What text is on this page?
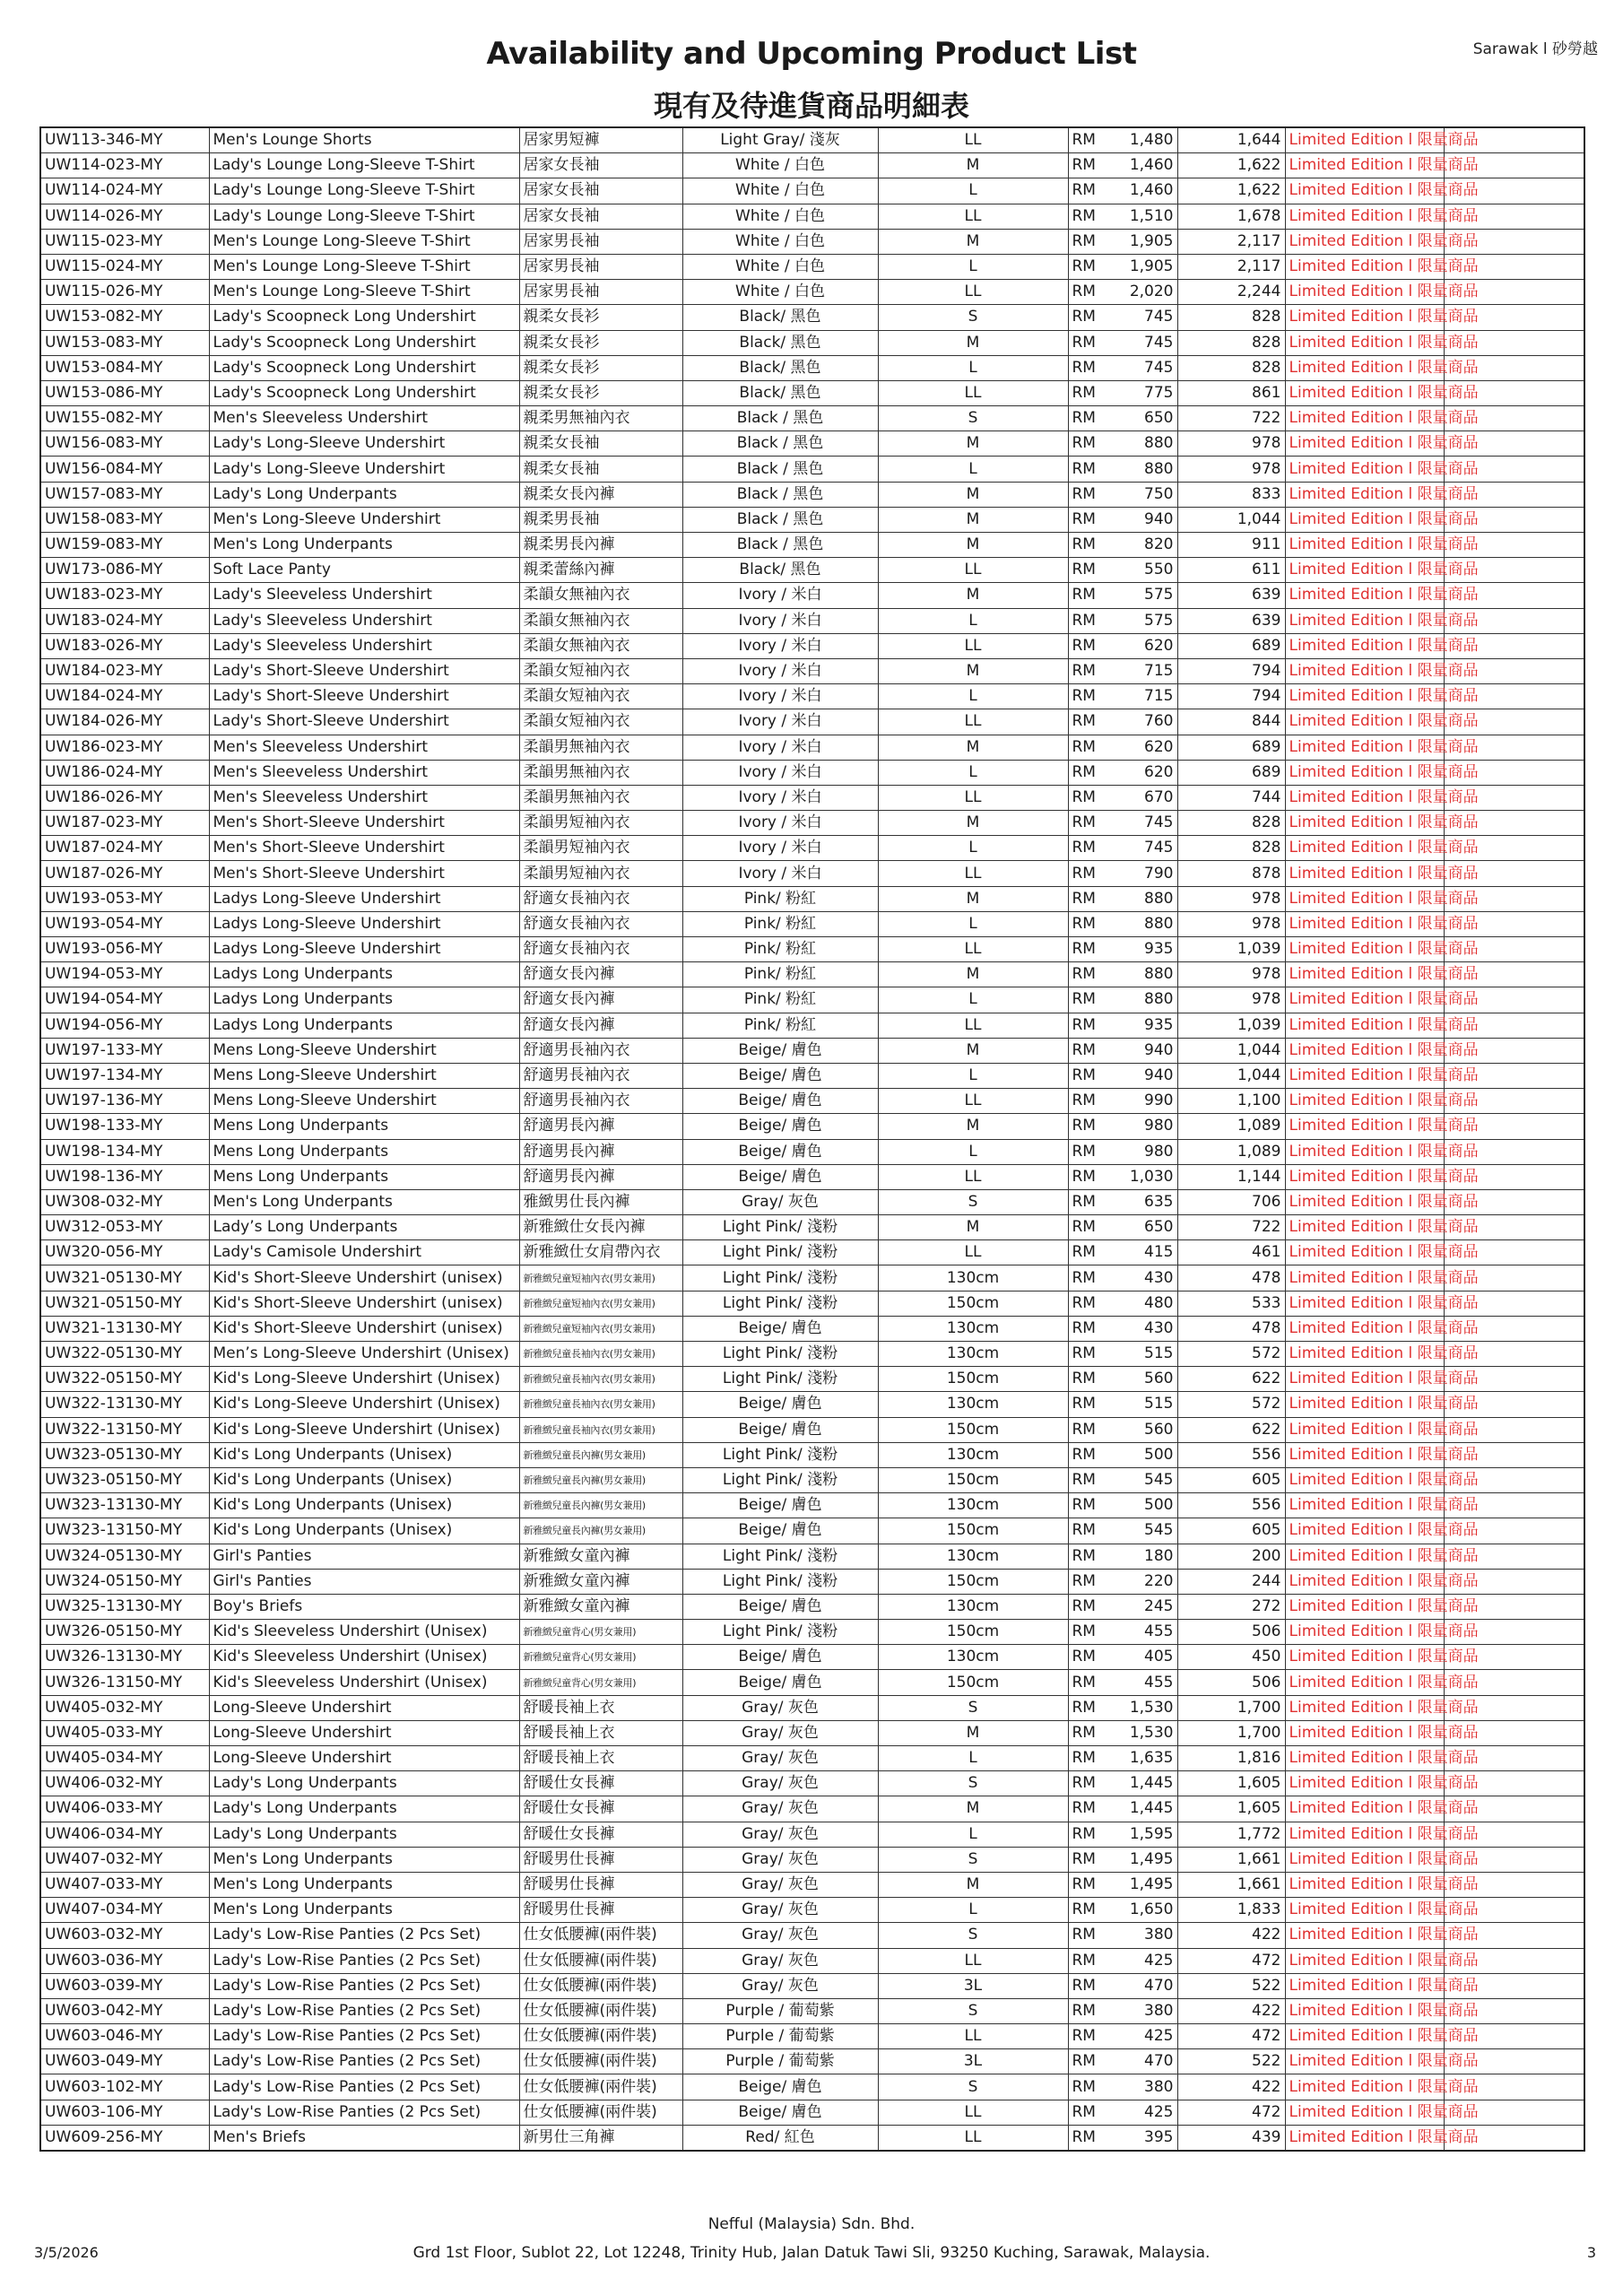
Sarawak l 砂勞越
Availability and Upcoming Product List
現有及待進貨商品明細表
UW113-346-MY	Men's Lounge Shorts	居家男短褲	Light Gray/ 淺灰	LL	RM 1,480	1,644	Limited Edition l 限量商品	
UW114-023-MY	Lady's Lounge Long-Sleeve T-Shirt	居家女長袖	White / 白色	M	RM 1,460	1,622	Limited Edition l 限量商品	
UW114-024-MY	Lady's Lounge Long-Sleeve T-Shirt	居家女長袖	White / 白色	L	RM 1,460	1,622	Limited Edition l 限量商品	
UW114-026-MY	Lady's Lounge Long-Sleeve T-Shirt	居家女長袖	White / 白色	LL	RM 1,510	1,678	Limited Edition l 限量商品	
UW115-023-MY	Men's Lounge Long-Sleeve T-Shirt	居家男長袖	White / 白色	M	RM 1,905	2,117	Limited Edition l 限量商品	
UW115-024-MY	Men's Lounge Long-Sleeve T-Shirt	居家男長袖	White / 白色	L	RM 1,905	2,117	Limited Edition l 限量商品	
UW115-026-MY	Men's Lounge Long-Sleeve T-Shirt	居家男長袖	White / 白色	LL	RM 2,020	2,244	Limited Edition l 限量商品	
UW153-082-MY	Lady's Scoopneck Long Undershirt	親柔女長衫	Black/ 黑色	S	RM 745	828	Limited Edition l 限量商品	
UW153-083-MY	Lady's Scoopneck Long Undershirt	親柔女長衫	Black/ 黑色	M	RM 745	828	Limited Edition l 限量商品	
UW153-084-MY	Lady's Scoopneck Long Undershirt	親柔女長衫	Black/ 黑色	L	RM 745	828	Limited Edition l 限量商品	
UW153-086-MY	Lady's Scoopneck Long Undershirt	親柔女長衫	Black/ 黑色	LL	RM 775	861	Limited Edition l 限量商品	
UW155-082-MY	Men's Sleeveless Undershirt	親柔男無袖內衣	Black / 黑色	S	RM 650	722	Limited Edition l 限量商品	
UW156-083-MY	Lady's Long-Sleeve Undershirt	親柔女長袖	Black / 黑色	M	RM 880	978	Limited Edition l 限量商品	
UW156-084-MY	Lady's Long-Sleeve Undershirt	親柔女長袖	Black / 黑色	L	RM 880	978	Limited Edition l 限量商品	
UW157-083-MY	Lady's Long Underpants	親柔女長內褲	Black / 黑色	M	RM 750	833	Limited Edition l 限量商品	
UW158-083-MY	Men's Long-Sleeve Undershirt	親柔男長袖	Black / 黑色	M	RM 940	1,044	Limited Edition l 限量商品	
UW159-083-MY	Men's Long Underpants	親柔男長內褲	Black / 黑色	M	RM 820	911	Limited Edition l 限量商品	
UW173-086-MY	Soft Lace Panty	親柔蕾絲內褲	Black/ 黑色	LL	RM 550	611	Limited Edition l 限量商品	
UW183-023-MY	Lady's Sleeveless Undershirt	柔韻女無袖內衣	Ivory / 米白	M	RM 575	639	Limited Edition l 限量商品	
UW183-024-MY	Lady's Sleeveless Undershirt	柔韻女無袖內衣	Ivory / 米白	L	RM 575	639	Limited Edition l 限量商品	
UW183-026-MY	Lady's Sleeveless Undershirt	柔韻女無袖內衣	Ivory / 米白	LL	RM 620	689	Limited Edition l 限量商品	
UW184-023-MY	Lady's Short-Sleeve Undershirt	柔韻女短袖內衣	Ivory / 米白	M	RM 715	794	Limited Edition l 限量商品	
UW184-024-MY	Lady's Short-Sleeve Undershirt	柔韻女短袖內衣	Ivory / 米白	L	RM 715	794	Limited Edition l 限量商品	
UW184-026-MY	Lady's Short-Sleeve Undershirt	柔韻女短袖內衣	Ivory / 米白	LL	RM 760	844	Limited Edition l 限量商品	
UW186-023-MY	Men's Sleeveless Undershirt	柔韻男無袖內衣	Ivory / 米白	M	RM 620	689	Limited Edition l 限量商品	
UW186-024-MY	Men's Sleeveless Undershirt	柔韻男無袖內衣	Ivory / 米白	L	RM 620	689	Limited Edition l 限量商品	
UW186-026-MY	Men's Sleeveless Undershirt	柔韻男無袖內衣	Ivory / 米白	LL	RM 670	744	Limited Edition l 限量商品	
UW187-023-MY	Men's Short-Sleeve Undershirt	柔韻男短袖內衣	Ivory / 米白	M	RM 745	828	Limited Edition l 限量商品	
UW187-024-MY	Men's Short-Sleeve Undershirt	柔韻男短袖內衣	Ivory / 米白	L	RM 745	828	Limited Edition l 限量商品	
UW187-026-MY	Men's Short-Sleeve Undershirt	柔韻男短袖內衣	Ivory / 米白	LL	RM 790	878	Limited Edition l 限量商品	
UW193-053-MY	Ladys Long-Sleeve Undershirt	舒適女長袖內衣	Pink/ 粉紅	M	RM 880	978	Limited Edition l 限量商品	
UW193-054-MY	Ladys Long-Sleeve Undershirt	舒適女長袖內衣	Pink/ 粉紅	L	RM 880	978	Limited Edition l 限量商品	
UW193-056-MY	Ladys Long-Sleeve Undershirt	舒適女長袖內衣	Pink/ 粉紅	LL	RM 935	1,039	Limited Edition l 限量商品	
UW194-053-MY	Ladys Long Underpants	舒適女長內褲	Pink/ 粉紅	M	RM 880	978	Limited Edition l 限量商品	
UW194-054-MY	Ladys Long Underpants	舒適女長內褲	Pink/ 粉紅	L	RM 880	978	Limited Edition l 限量商品	
UW194-056-MY	Ladys Long Underpants	舒適女長內褲	Pink/ 粉紅	LL	RM 935	1,039	Limited Edition l 限量商品	
UW197-133-MY	Mens Long-Sleeve Undershirt	舒適男長袖內衣	Beige/ 膚色	M	RM 940	1,044	Limited Edition l 限量商品	
UW197-134-MY	Mens Long-Sleeve Undershirt	舒適男長袖內衣	Beige/ 膚色	L	RM 940	1,044	Limited Edition l 限量商品	
UW197-136-MY	Mens Long-Sleeve Undershirt	舒適男長袖內衣	Beige/ 膚色	LL	RM 990	1,100	Limited Edition l 限量商品	
UW198-133-MY	Mens Long Underpants	舒適男長內褲	Beige/ 膚色	M	RM 980	1,089	Limited Edition l 限量商品	
UW198-134-MY	Mens Long Underpants	舒適男長內褲	Beige/ 膚色	L	RM 980	1,089	Limited Edition l 限量商品	
UW198-136-MY	Mens Long Underpants	舒適男長內褲	Beige/ 膚色	LL	RM 1,030	1,144	Limited Edition l 限量商品	
UW308-032-MY	Men's Long Underpants	雅緻男仕長內褲	Gray/ 灰色	S	RM 635	706	Limited Edition l 限量商品	
UW312-053-MY	Lady’s Long Underpants	新雅緻仕女長內褲	Light Pink/ 淺粉	M	RM 650	722	Limited Edition l 限量商品	
UW320-056-MY	Lady's Camisole Undershirt	新雅緻仕女肩帶內衣	Light Pink/ 淺粉	LL	RM 415	461	Limited Edition l 限量商品	
UW321-05130-MY	Kid's Short-Sleeve Undershirt (unisex)	新雅緻兒童短袖內衣(男女兼用)	Light Pink/ 淺粉	130cm	RM 430	478	Limited Edition l 限量商品	
UW321-05150-MY	Kid's Short-Sleeve Undershirt (unisex)	新雅緻兒童短袖內衣(男女兼用)	Light Pink/ 淺粉	150cm	RM 480	533	Limited Edition l 限量商品	
UW321-13130-MY	Kid's Short-Sleeve Undershirt (unisex)	新雅緻兒童短袖內衣(男女兼用)	Beige/ 膚色	130cm	RM 430	478	Limited Edition l 限量商品	
UW322-05130-MY	Men’s Long-Sleeve Undershirt (Unisex)	新雅緻兒童長袖內衣(男女兼用)	Light Pink/ 淺粉	130cm	RM 515	572	Limited Edition l 限量商品	
UW322-05150-MY	Kid's Long-Sleeve Undershirt (Unisex)	新雅緻兒童長袖內衣(男女兼用)	Light Pink/ 淺粉	150cm	RM 560	622	Limited Edition l 限量商品	
UW322-13130-MY	Kid's Long-Sleeve Undershirt (Unisex)	新雅緻兒童長袖內衣(男女兼用)	Beige/ 膚色	130cm	RM 515	572	Limited Edition l 限量商品	
UW322-13150-MY	Kid's Long-Sleeve Undershirt (Unisex)	新雅緻兒童長袖內衣(男女兼用)	Beige/ 膚色	150cm	RM 560	622	Limited Edition l 限量商品	
UW323-05130-MY	Kid's Long Underpants (Unisex)	新雅緻兒童長內褲(男女兼用)	Light Pink/ 淺粉	130cm	RM 500	556	Limited Edition l 限量商品	
UW323-05150-MY	Kid's Long Underpants (Unisex)	新雅緻兒童長內褲(男女兼用)	Light Pink/ 淺粉	150cm	RM 545	605	Limited Edition l 限量商品	
UW323-13130-MY	Kid's Long Underpants (Unisex)	新雅緻兒童長內褲(男女兼用)	Beige/ 膚色	130cm	RM 500	556	Limited Edition l 限量商品	
UW323-13150-MY	Kid's Long Underpants (Unisex)	新雅緻兒童長內褲(男女兼用)	Beige/ 膚色	150cm	RM 545	605	Limited Edition l 限量商品	
UW324-05130-MY	Girl's Panties	新雅緻女童內褲	Light Pink/ 淺粉	130cm	RM 180	200	Limited Edition l 限量商品	
UW324-05150-MY	Girl's Panties	新雅緻女童內褲	Light Pink/ 淺粉	150cm	RM 220	244	Limited Edition l 限量商品	
UW325-13130-MY	Boy's Briefs	新雅緻女童內褲	Beige/ 膚色	130cm	RM 245	272	Limited Edition l 限量商品	
UW326-05150-MY	Kid's Sleeveless Undershirt (Unisex)	新雅緻兒童背心(男女兼用)	Light Pink/ 淺粉	150cm	RM 455	506	Limited Edition l 限量商品	
UW326-13130-MY	Kid's Sleeveless Undershirt (Unisex)	新雅緻兒童背心(男女兼用)	Beige/ 膚色	130cm	RM 405	450	Limited Edition l 限量商品	
UW326-13150-MY	Kid's Sleeveless Undershirt (Unisex)	新雅緻兒童背心(男女兼用)	Beige/ 膚色	150cm	RM 455	506	Limited Edition l 限量商品	
UW405-032-MY	Long-Sleeve Undershirt	舒暖長袖上衣	Gray/ 灰色	S	RM 1,530	1,700	Limited Edition l 限量商品	
UW405-033-MY	Long-Sleeve Undershirt	舒暖長袖上衣	Gray/ 灰色	M	RM 1,530	1,700	Limited Edition l 限量商品	
UW405-034-MY	Long-Sleeve Undershirt	舒暖長袖上衣	Gray/ 灰色	L	RM 1,635	1,816	Limited Edition l 限量商品	
UW406-032-MY	Lady's Long Underpants	舒暖仕女長褲	Gray/ 灰色	S	RM 1,445	1,605	Limited Edition l 限量商品	
UW406-033-MY	Lady's Long Underpants	舒暖仕女長褲	Gray/ 灰色	M	RM 1,445	1,605	Limited Edition l 限量商品	
UW406-034-MY	Lady's Long Underpants	舒暖仕女長褲	Gray/ 灰色	L	RM 1,595	1,772	Limited Edition l 限量商品	
UW407-032-MY	Men's Long Underpants	舒暖男仕長褲	Gray/ 灰色	S	RM 1,495	1,661	Limited Edition l 限量商品	
UW407-033-MY	Men's Long Underpants	舒暖男仕長褲	Gray/ 灰色	M	RM 1,495	1,661	Limited Edition l 限量商品	
UW407-034-MY	Men's Long Underpants	舒暖男仕長褲	Gray/ 灰色	L	RM 1,650	1,833	Limited Edition l 限量商品	
UW603-032-MY	Lady's Low-Rise Panties (2 Pcs Set)	仕女低腰褲(兩件裝)	Gray/ 灰色	S	RM 380	422	Limited Edition l 限量商品	
UW603-036-MY	Lady's Low-Rise Panties (2 Pcs Set)	仕女低腰褲(兩件裝)	Gray/ 灰色	LL	RM 425	472	Limited Edition l 限量商品	
UW603-039-MY	Lady's Low-Rise Panties (2 Pcs Set)	仕女低腰褲(兩件裝)	Gray/ 灰色	3L	RM 470	522	Limited Edition l 限量商品	
UW603-042-MY	Lady's Low-Rise Panties (2 Pcs Set)	仕女低腰褲(兩件裝)	Purple / 葡萄紫	S	RM 380	422	Limited Edition l 限量商品	
UW603-046-MY	Lady's Low-Rise Panties (2 Pcs Set)	仕女低腰褲(兩件裝)	Purple / 葡萄紫	LL	RM 425	472	Limited Edition l 限量商品	
UW603-049-MY	Lady's Low-Rise Panties (2 Pcs Set)	仕女低腰褲(兩件裝)	Purple / 葡萄紫	3L	RM 470	522	Limited Edition l 限量商品	
UW603-102-MY	Lady's Low-Rise Panties (2 Pcs Set)	仕女低腰褲(兩件裝)	Beige/ 膚色	S	RM 380	422	Limited Edition l 限量商品	
UW603-106-MY	Lady's Low-Rise Panties (2 Pcs Set)	仕女低腰褲(兩件裝)	Beige/ 膚色	LL	RM 425	472	Limited Edition l 限量商品	
UW609-256-MY	Men's Briefs	新男仕三角褲	Red/ 紅色	LL	RM 395	439	Limited Edition l 限量商品	
Nefful (Malaysia) Sdn. Bhd.
Grd 1st Floor, Sublot 22, Lot 12248, Trinity Hub, Jalan Datuk Tawi Sli, 93250 Kuching, Sarawak, Malaysia.
3/5/2026	3
